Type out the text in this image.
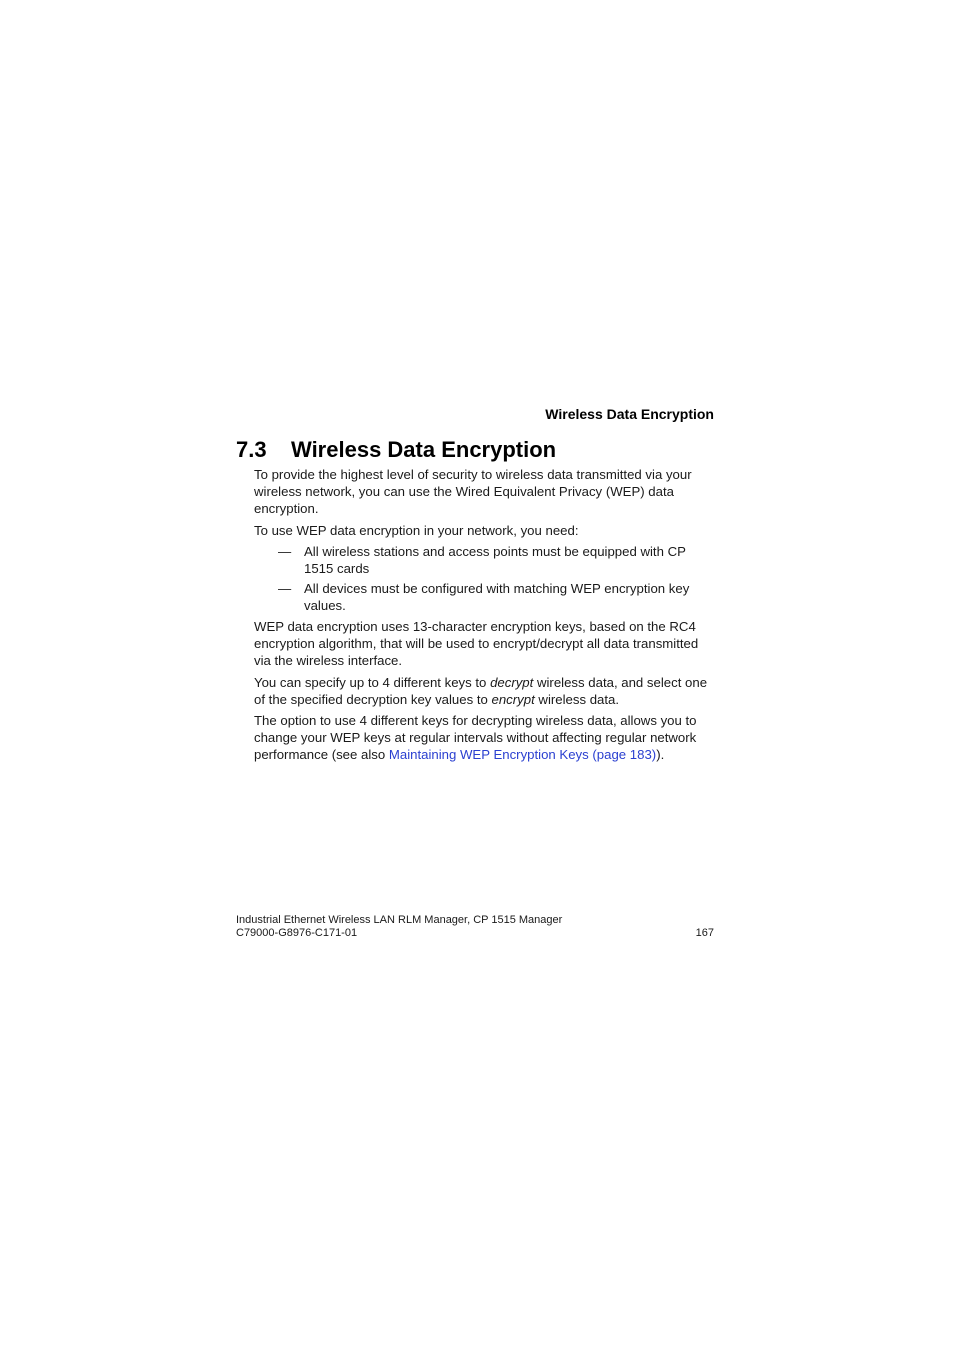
Wireless Data Encryption
7.3 Wireless Data Encryption

To provide the highest level of security to wireless data transmitted via your wireless network, you can use the Wired Equivalent Privacy (WEP) data encryption.

To use WEP data encryption in your network, you need:

— All wireless stations and access points must be equipped with CP 1515 cards
— All devices must be configured with matching WEP encryption key values.

WEP data encryption uses 13-character encryption keys, based on the RC4 encryption algorithm, that will be used to encrypt/decrypt all data transmitted via the wireless interface.

You can specify up to 4 different keys to decrypt wireless data, and select one of the specified decryption key values to encrypt wireless data.

The option to use 4 different keys for decrypting wireless data, allows you to change your WEP keys at regular intervals without affecting regular network performance (see also Maintaining WEP Encryption Keys (page 183)).

Industrial Ethernet Wireless LAN RLM Manager, CP 1515 Manager
C79000-G8976-C171-01	167
